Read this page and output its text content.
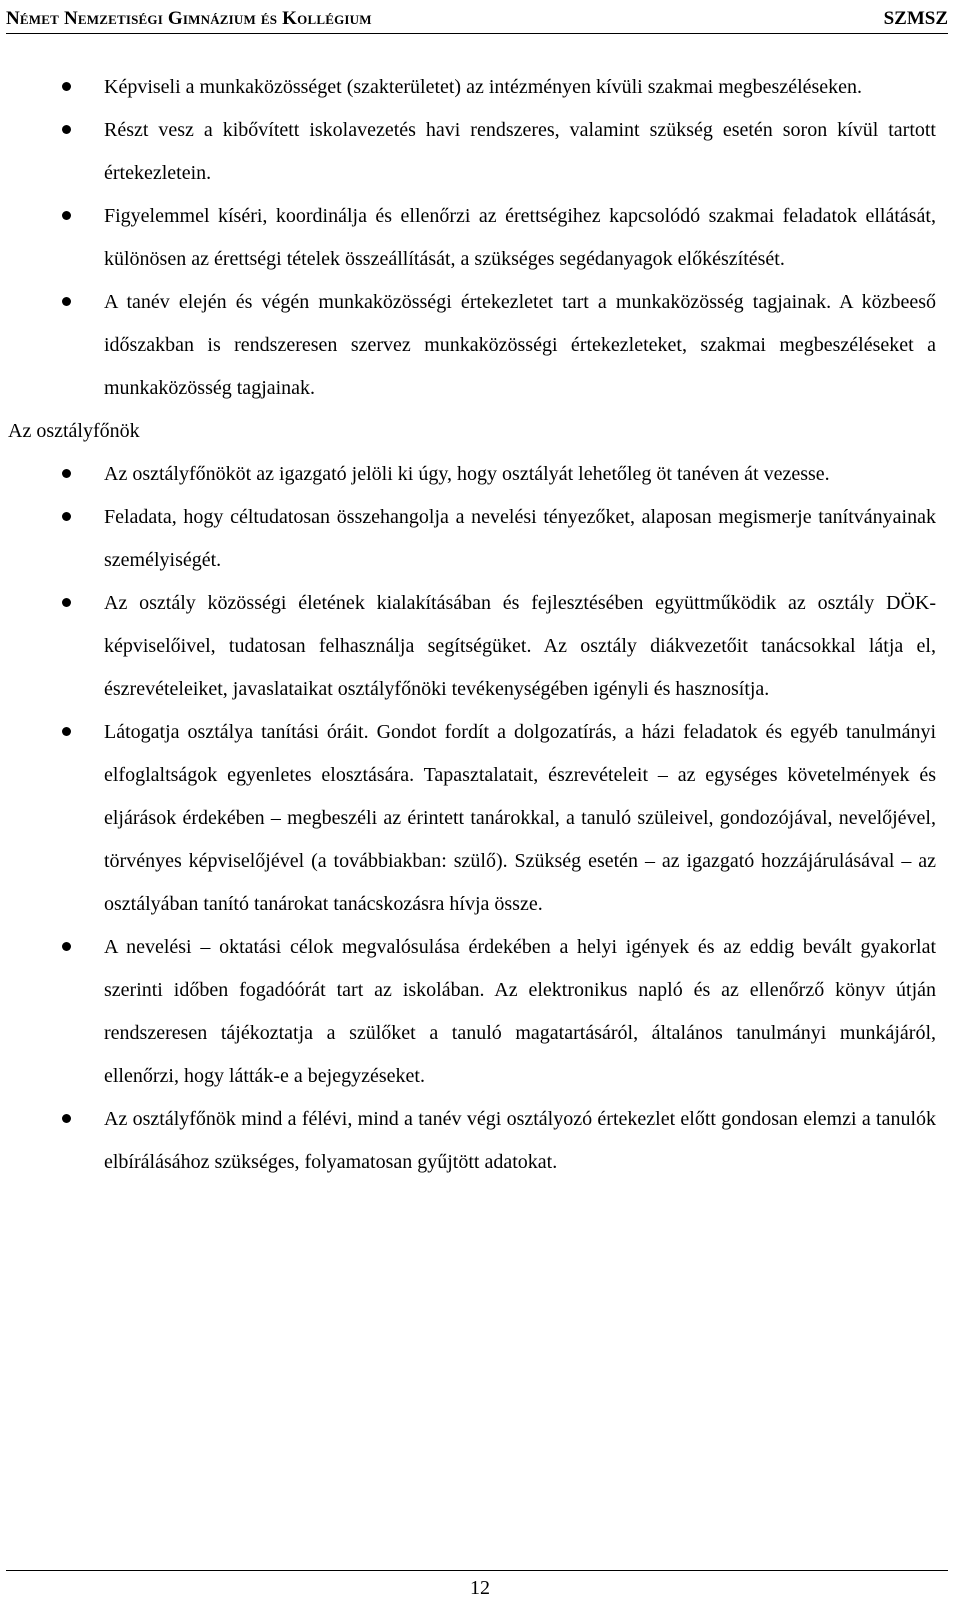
Német Nemzetiségi Gimnázium és Kollégium	SZMSZ
Képviseli a munkaközösséget (szakterületet) az intézményen kívüli szakmai megbeszéléseken.
Részt vesz a kibővített iskolavezetés havi rendszeres, valamint szükség esetén soron kívül tartott értekezletein.
Figyelemmel kíséri, koordinálja és ellenőrzi az érettségihez kapcsolódó szakmai feladatok ellátását, különösen az érettségi tételek összeállítását, a szükséges segédanyagok előkészítését.
A tanév elején és végén munkaközösségi értekezletet tart a munkaközösség tagjainak. A közbeeső időszakban is rendszeresen szervez munkaközösségi értekezleteket, szakmai megbeszéléseket a munkaközösség tagjainak.

Az osztályfőnök

Az osztályfőnököt az igazgató jelöli ki úgy, hogy osztályát lehetőleg öt tanéven át vezesse.
Feladata, hogy céltudatosan összehangolja a nevelési tényezőket, alaposan megismerje tanítványainak személyiségét.
Az osztály közösségi életének kialakításában és fejlesztésében együttműködik az osztály DÖK-képviselőivel, tudatosan felhasználja segítségüket. Az osztály diákvezetőit tanácsokkal látja el, észrevételeiket, javaslataikat osztályfőnöki tevékenységében igényli és hasznosítja.
Látogatja osztálya tanítási óráit. Gondot fordít a dolgozatírás, a házi feladatok és egyéb tanulmányi elfoglaltságok egyenletes elosztására. Tapasztalatait, észrevételeit – az egységes követelmények és eljárások érdekében – megbeszéli az érintett tanárokkal, a tanuló szüleivel, gondozójával, nevelőjével, törvényes képviselőjével (a továbbiakban: szülő). Szükség esetén – az igazgató hozzájárulásával – az osztályában tanító tanárokat tanácskozásra hívja össze.
A nevelési – oktatási célok megvalósulása érdekében a helyi igények és az eddig bevált gyakorlat szerinti időben fogadóórát tart az iskolában. Az elektronikus napló és az ellenőrző könyv útján rendszeresen tájékoztatja a szülőket a tanuló magatartásáról, általános tanulmányi munkájáról, ellenőrzi, hogy látták-e a bejegyzéseket.
Az osztályfőnök mind a félévi, mind a tanév végi osztályozó értekezlet előtt gondosan elemzi a tanulók elbírálásához szükséges, folyamatosan gyűjtött adatokat.
12
